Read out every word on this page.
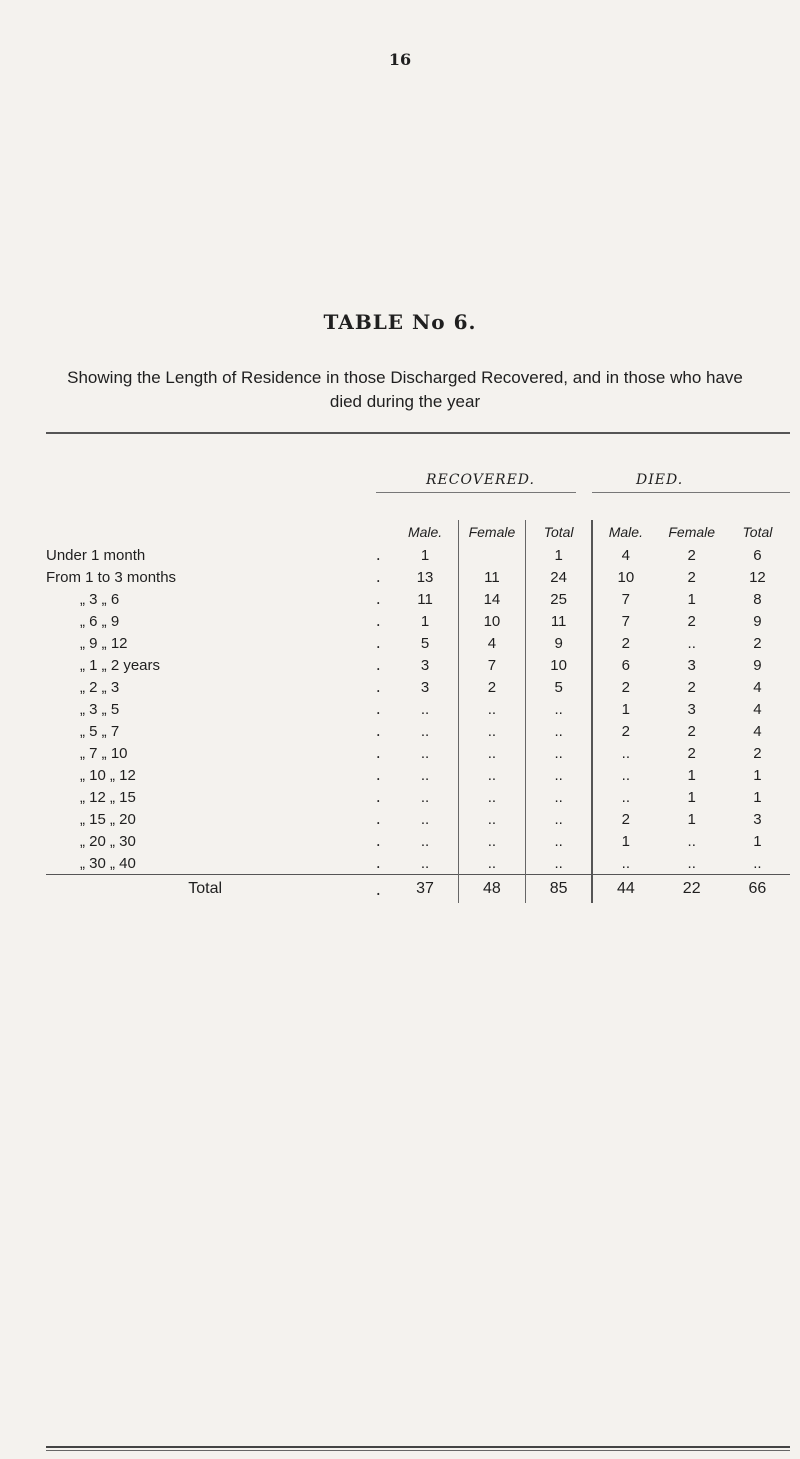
16
TABLE No 6.
Showing the Length of Residence in those Discharged Recovered, and in those who have died during the year
RECOVERED.	DIED.
		Male.	Female	Total	Male.	Female	Total
Under 1 month	.	1		1	4	2	6
From 1 to 3 months	.	13	11	24	10	2	12
„ 3 „ 6	.	11	14	25	7	1	8
„ 6 „ 9	.	1	10	11	7	2	9
„ 9 „ 12	.	5	4	9	2	..	2
„ 1 „ 2 years	.	3	7	10	6	3	9
„ 2 „ 3	.	3	2	5	2	2	4
„ 3 „ 5	.	..	..	..	1	3	4
„ 5 „ 7	.	..	..	..	2	2	4
„ 7 „ 10	.	..	..	..	..	2	2
„ 10 „ 12	.	..	..	..	..	1	1
„ 12 „ 15	.	..	..	..	..	1	1
„ 15 „ 20	.	..	..	..	2	1	3
„ 20 „ 30	.	..	..	..	1	..	1
„ 30 „ 40	.	..	..	..	..	..	..
Total	.	37	48	85	44	22	66
